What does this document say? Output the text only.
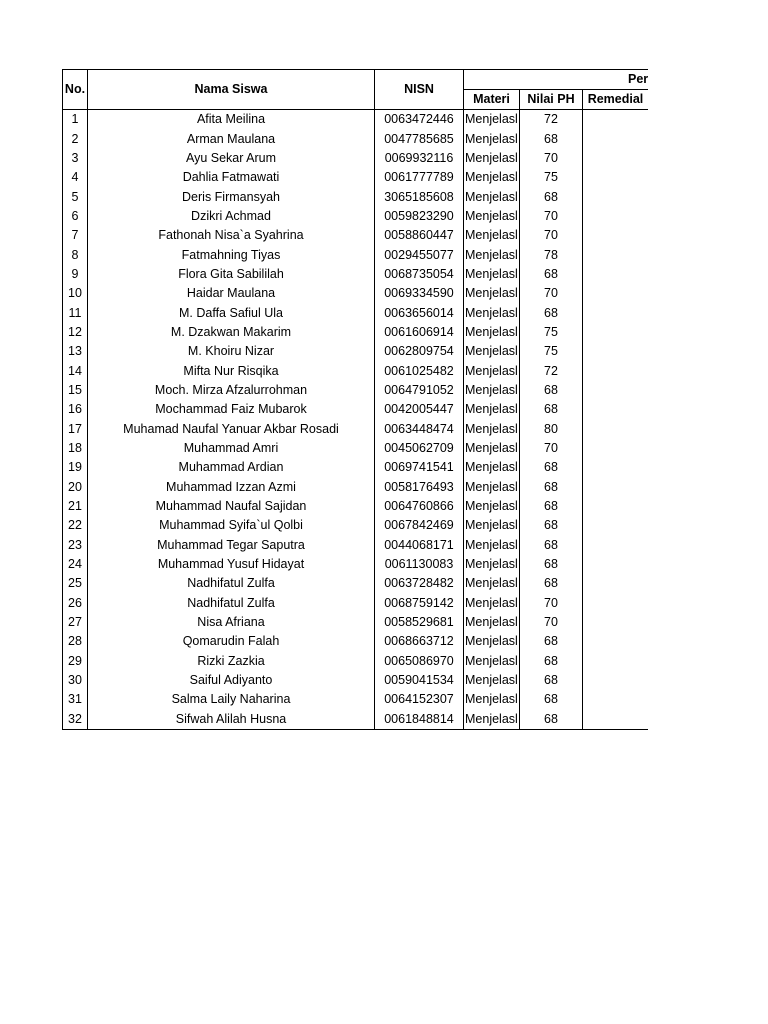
No.	Nama Siswa	NISN	Per			
			Materi	Nilai PH	Remedial	
1	Afita Meilina	0063472446	Menjelasl	72		
2	Arman Maulana	0047785685	Menjelasl	68		
3	Ayu Sekar Arum	0069932116	Menjelasl	70		
4	Dahlia Fatmawati	0061777789	Menjelasl	75		
5	Deris Firmansyah	3065185608	Menjelasl	68		
6	Dzikri Achmad	0059823290	Menjelasl	70		
7	Fathonah Nisa`a Syahrina	0058860447	Menjelasl	70		
8	Fatmahning Tiyas	0029455077	Menjelasl	78		
9	Flora Gita Sabililah	0068735054	Menjelasl	68		
10	Haidar Maulana	0069334590	Menjelasl	70		
11	M. Daffa Safiul Ula	0063656014	Menjelasl	68		
12	M. Dzakwan Makarim	0061606914	Menjelasl	75		
13	M. Khoiru Nizar	0062809754	Menjelasl	75		
14	Mifta Nur Risqika	0061025482	Menjelasl	72		
15	Moch. Mirza Afzalurrohman	0064791052	Menjelasl	68		
16	Mochammad Faiz Mubarok	0042005447	Menjelasl	68		
17	Muhamad Naufal Yanuar Akbar Rosadi	0063448474	Menjelasl	80		
18	Muhammad Amri	0045062709	Menjelasl	70		
19	Muhammad Ardian	0069741541	Menjelasl	68		
20	Muhammad Izzan Azmi	0058176493	Menjelasl	68		
21	Muhammad Naufal Sajidan	0064760866	Menjelasl	68		
22	Muhammad Syifa`ul Qolbi	0067842469	Menjelasl	68		
23	Muhammad Tegar Saputra	0044068171	Menjelasl	68		
24	Muhammad Yusuf Hidayat	0061130083	Menjelasl	68		
25	Nadhifatul Zulfa	0063728482	Menjelasl	68		
26	Nadhifatul Zulfa	0068759142	Menjelasl	70		
27	Nisa Afriana	0058529681	Menjelasl	70		
28	Qomarudin Falah	0068663712	Menjelasl	68		
29	Rizki Zazkia	0065086970	Menjelasl	68		
30	Saiful Adiyanto	0059041534	Menjelasl	68		
31	Salma Laily Naharina	0064152307	Menjelasl	68		
32	Sifwah Alilah Husna	0061848814	Menjelasl	68		
